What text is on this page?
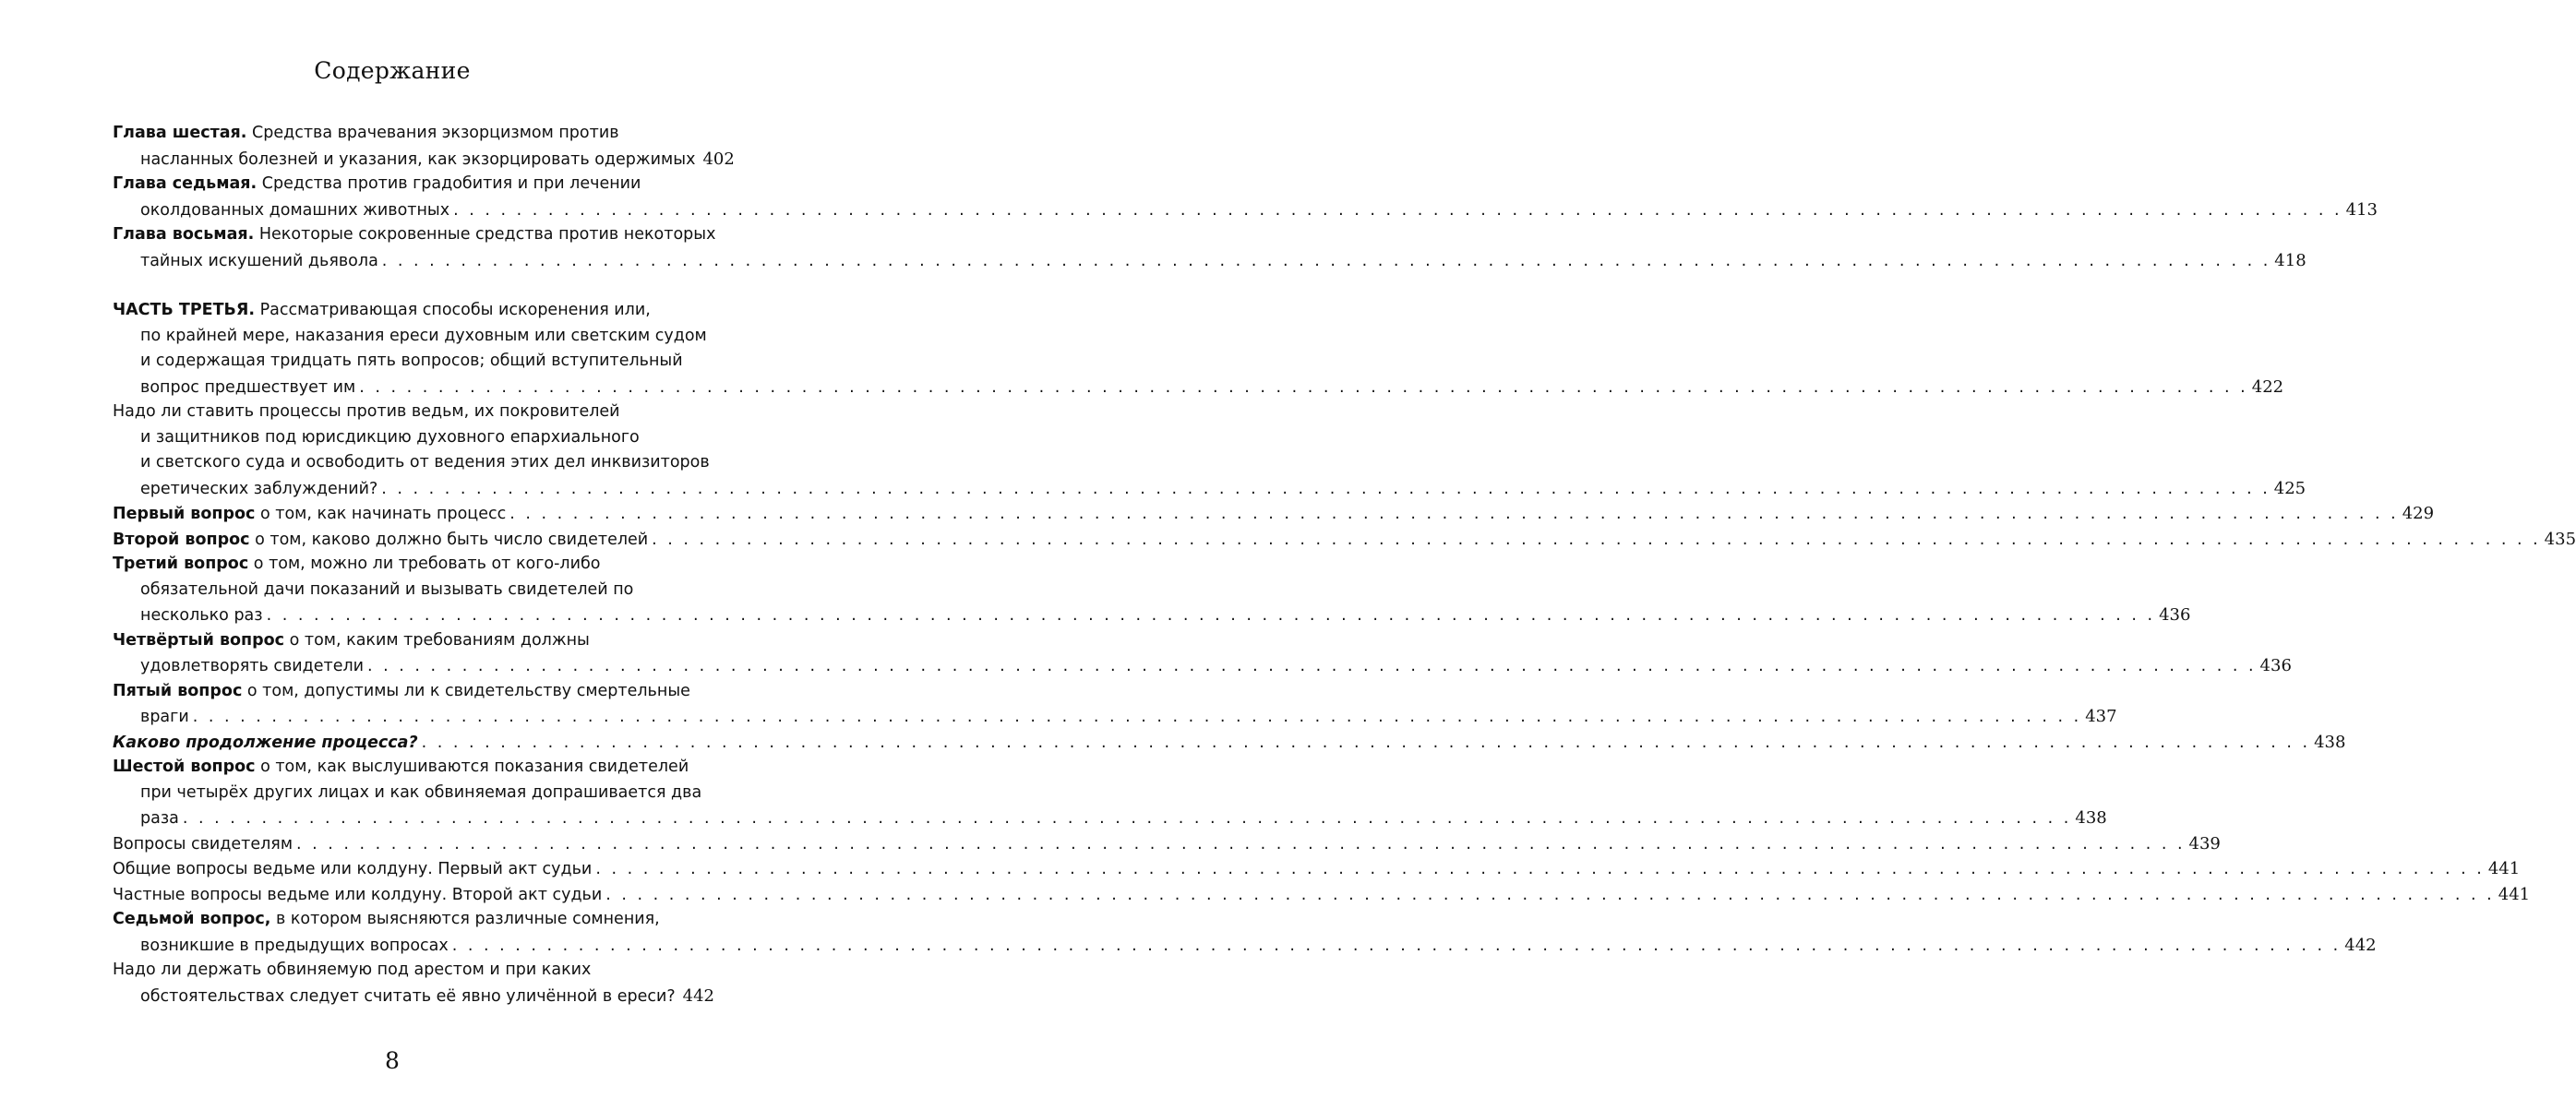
Содержание
Глава шестая. Средства врачевания экзорцизмом против
насланных болезней и указания, как экзорцировать одержимых 402
Глава седьмая. Средства против градобития и при лечении
околдованных домашних животных . . .	413
Глава восьмая. Некоторые сокровенные средства против некоторых
тайных искушений дьявола . . .	418
ЧАСТЬ ТРЕТЬЯ. Рассматривающая способы искоренения или,
по крайней мере, наказания ереси духовным или светским судом
и содержащая тридцать пять вопросов; общий вступительный
вопрос предшествует им . . .	422
Надо ли ставить процессы против ведьм, их покровителей
и защитников под юрисдикцию духовного епархиального
и светского суда и освободить от ведения этих дел инквизиторов
еретических заблуждений? . . .	425
Первый вопрос о том, как начинать процесс . . .	429
Второй вопрос о том, каково должно быть число свидетелей . . .	435
Третий вопрос о том, можно ли требовать от кого-либо
обязательной дачи показаний и вызывать свидетелей по
несколько раз . . .	436
Четвёртый вопрос о том, каким требованиям должны
удовлетворять свидетели . . .	436
Пятый вопрос о том, допустимы ли к свидетельству смертельные
враги . . .	437
Каково продолжение процесса? . . .	438
Шестой вопрос о том, как выслушиваются показания свидетелей
при четырёх других лицах и как обвиняемая допрашивается два
раза . . .	438
Вопросы свидетелям . . .	439
Общие вопросы ведьме или колдуну. Первый акт судьи . . .	441
Частные вопросы ведьме или колдуну. Второй акт судьи . . .	441
Седьмой вопрос, в котором выясняются различные сомнения,
возникшие в предыдущих вопросах . . .	442
Надо ли держать обвиняемую под арестом и при каких
обстоятельствах следует считать её явно уличённой в ереси? 442
8
